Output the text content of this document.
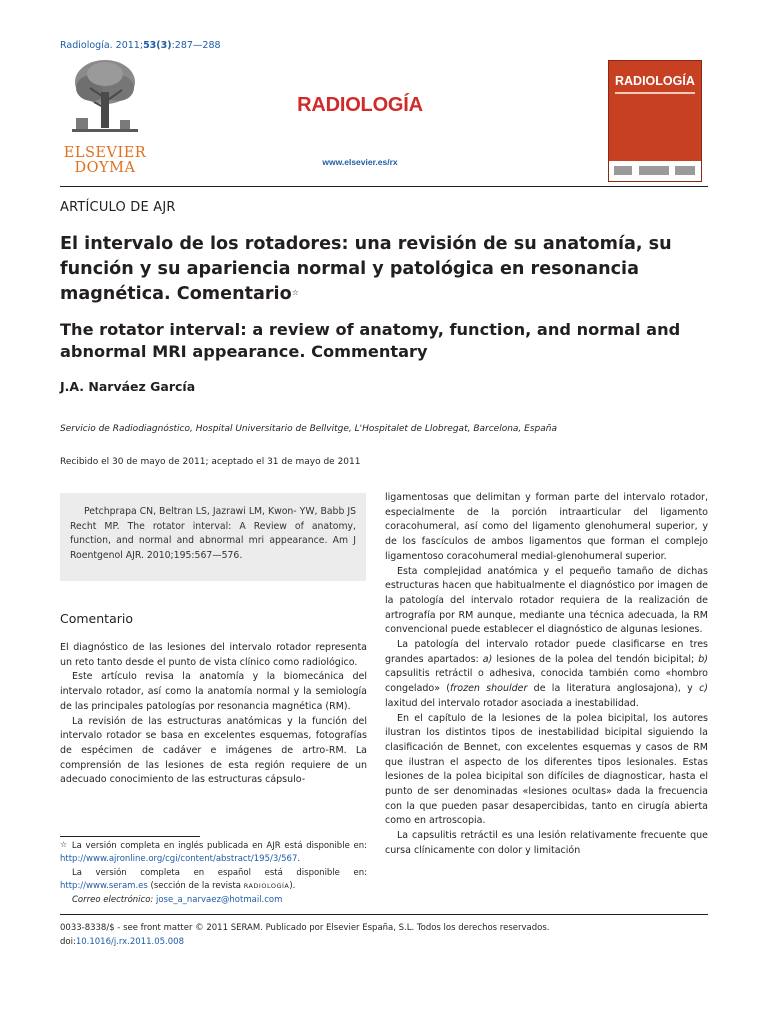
Radiología. 2011;53(3):287—288
ELSEVIER
DOYMA
RADIOLOGÍA
www.elsevier.es/rx
RADIOLOGÍA
ARTÍCULO DE AJR
El intervalo de los rotadores: una revisión de su anatomía, su función y su apariencia normal y patológica en resonancia magnética. Comentario☆
The rotator interval: a review of anatomy, function, and normal and abnormal MRI appearance. Commentary
J.A. Narváez García
Servicio de Radiodiagnóstico, Hospital Universitario de Bellvitge, L'Hospitalet de Llobregat, Barcelona, España
Recibido el 30 de mayo de 2011; aceptado el 31 de mayo de 2011

Petchprapa CN, Beltran LS, Jazrawi LM, Kwon- YW, Babb JS Recht MP. The rotator interval: A Review of anatomy, function, and normal and abnormal mri appearance. Am J Roentgenol AJR. 2010;195:567—576.

Comentario

El diagnóstico de las lesiones del intervalo rotador representa un reto tanto desde el punto de vista clínico como radiológico.

Este artículo revisa la anatomía y la biomecánica del intervalo rotador, así como la anatomía normal y la semiología de las principales patologías por resonancia magnética (RM).

La revisión de las estructuras anatómicas y la función del intervalo rotador se basa en excelentes esquemas, fotografías de espécimen de cadáver e imágenes de artro-RM. La comprensión de las lesiones de esta región requiere de un adecuado conocimiento de las estructuras cápsulo-

☆ La versión completa en inglés publicada en AJR está disponible en: http://www.ajronline.org/cgi/content/abstract/195/3/567.

La versión completa en español está disponible en: http://www.seram.es (sección de la revista RADIOLOGÍA).

Correo electrónico: jose_a_narvaez@hotmail.com

ligamentosas que delimitan y forman parte del intervalo rotador, especialmente de la porción intraarticular del ligamento coracohumeral, así como del ligamento glenohumeral superior, y de los fascículos de ambos ligamentos que forman el complejo ligamentoso coracohumeral medial-glenohumeral superior.

Esta complejidad anatómica y el pequeño tamaño de dichas estructuras hacen que habitualmente el diagnóstico por imagen de la patología del intervalo rotador requiera de la realización de artrografía por RM aunque, mediante una técnica adecuada, la RM convencional puede establecer el diagnóstico de algunas lesiones.

La patología del intervalo rotador puede clasificarse en tres grandes apartados: a) lesiones de la polea del tendón bicipital; b) capsulitis retráctil o adhesiva, conocida también como «hombro congelado» (frozen shoulder de la literatura anglosajona), y c) laxitud del intervalo rotador asociada a inestabilidad.

En el capítulo de la lesiones de la polea bicipital, los autores ilustran los distintos tipos de inestabilidad bicipital siguiendo la clasificación de Bennet, con excelentes esquemas y casos de RM que ilustran el aspecto de los diferentes tipos lesionales. Estas lesiones de la polea bicipital son difíciles de diagnosticar, hasta el punto de ser denominadas «lesiones ocultas» dada la frecuencia con la que pueden pasar desapercibidas, tanto en cirugía abierta como en artroscopia.

La capsulitis retráctil es una lesión relativamente frecuente que cursa clínicamente con dolor y limitación

0033-8338/$ - see front matter © 2011 SERAM. Publicado por Elsevier España, S.L. Todos los derechos reservados.
doi:10.1016/j.rx.2011.05.008
